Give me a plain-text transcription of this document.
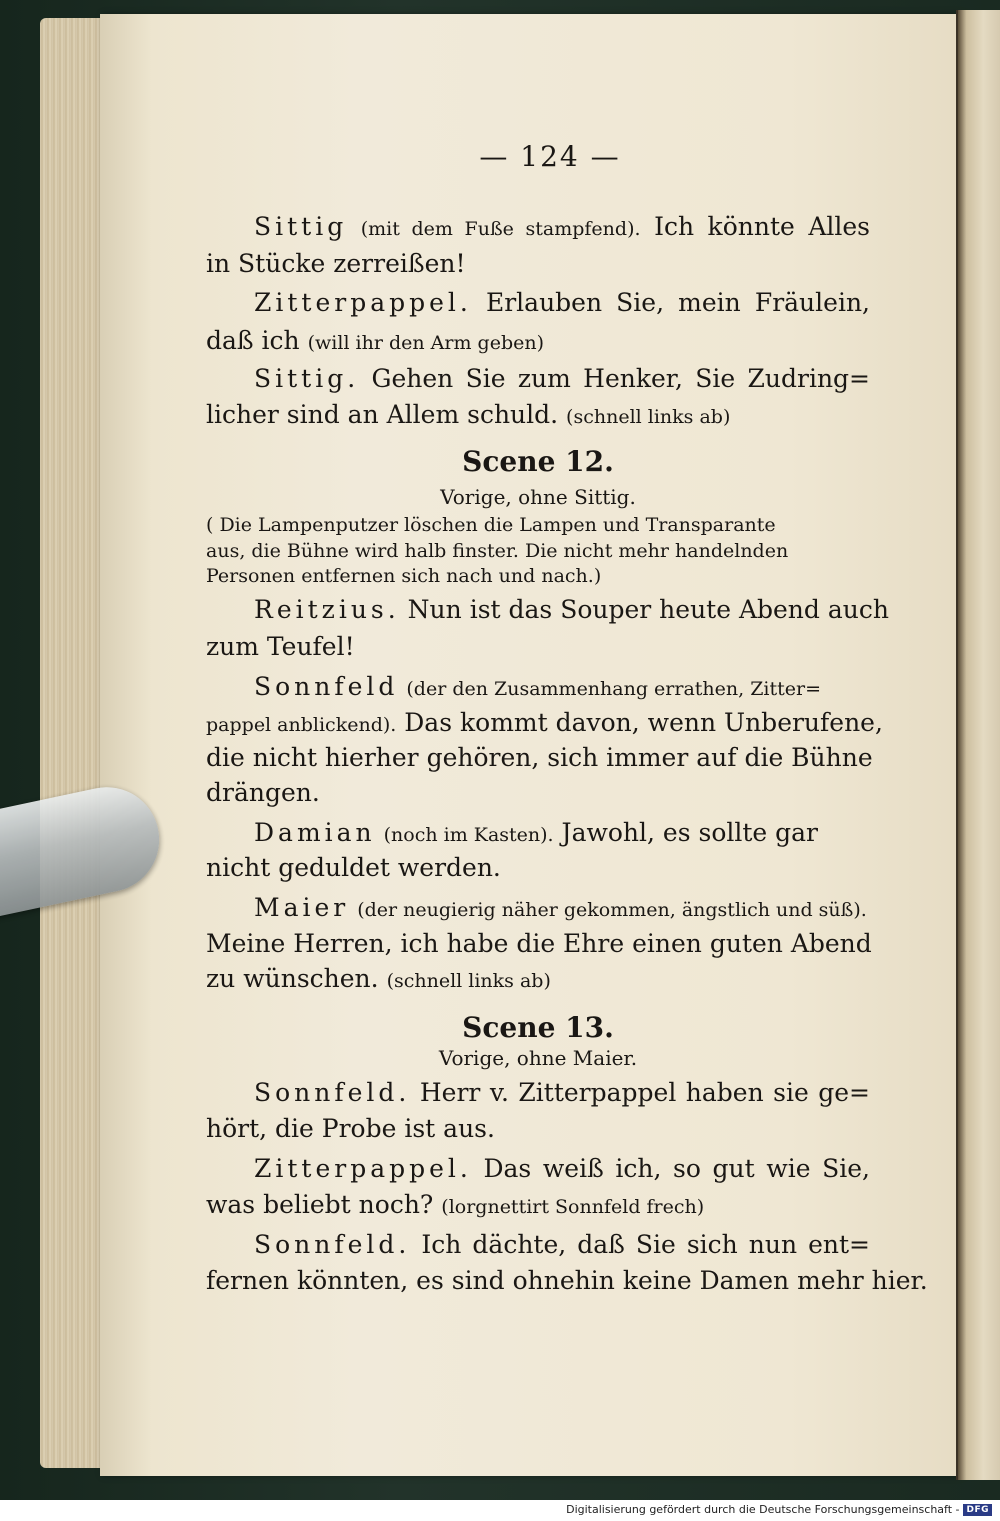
— 124 —
Sittig (mit dem Fuße stampfend). Ich könnte Alles
in Stücke zerreißen!
Zitterpappel. Erlauben Sie, mein Fräulein,
daß ich (will ihr den Arm geben)
Sittig. Gehen Sie zum Henker, Sie Zudring=
licher sind an Allem schuld. (schnell links ab)
Scene 12.
Vorige, ohne Sittig.
( Die Lampenputzer löschen die Lampen und Transparante
aus, die Bühne wird halb finster. Die nicht mehr handelnden
Personen entfernen sich nach und nach.)
Reitzius. Nun ist das Souper heute Abend auch
zum Teufel!
Sonnfeld (der den Zusammenhang errathen, Zitter=
pappel anblickend). Das kommt davon, wenn Unberufene,
die nicht hierher gehören, sich immer auf die Bühne
drängen.
Damian (noch im Kasten). Jawohl, es sollte gar
nicht geduldet werden.
Maier (der neugierig näher gekommen, ängstlich und süß).
Meine Herren, ich habe die Ehre einen guten Abend
zu wünschen. (schnell links ab)
Scene 13.
Vorige, ohne Maier.
Sonnfeld. Herr v. Zitterpappel haben sie ge=
hört, die Probe ist aus.
Zitterpappel. Das weiß ich, so gut wie Sie,
was beliebt noch? (lorgnettirt Sonnfeld frech)
Sonnfeld. Ich dächte, daß Sie sich nun ent=
fernen könnten, es sind ohnehin keine Damen mehr hier.
Digitalisierung gefördert durch die Deutsche Forschungsgemeinschaft - DFG
